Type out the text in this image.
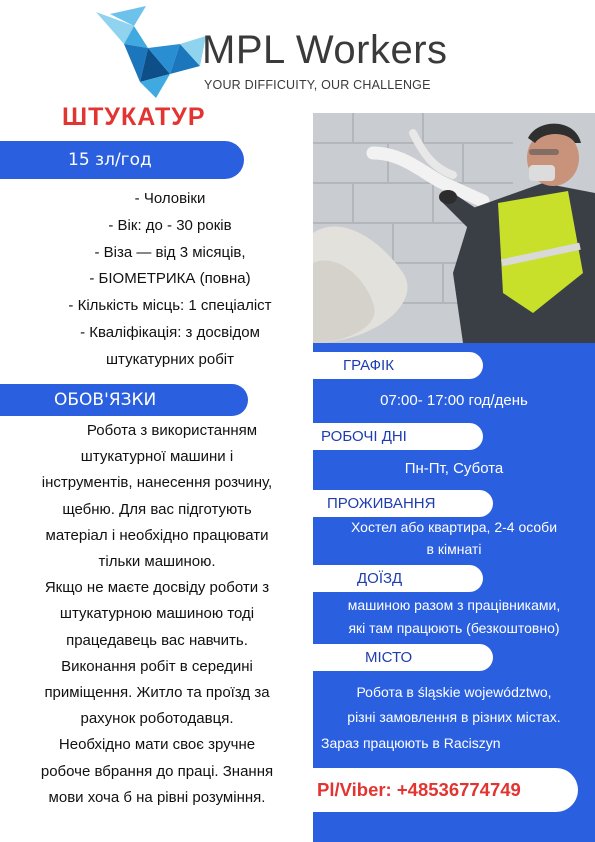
MPL Workers
YOUR DIFFICUITY, OUR CHALLENGE
ШТУКАТУР
15 зл/год
- Чоловіки
- Вік: до - 30 років
- Віза — від 3 місяців,
- БІОМЕТРИКА (повна)
- Кількість місць: 1 спеціаліст
- Кваліфікація: з досвідом
штукатурних робіт
ОБОВ'ЯЗКИ

Робота з використанням

штукатурної машини і

інструментів, нанесення розчину,

щебню. Для вас підготують

матеріал і необхідно працювати

тільки машиною.

Якщо не маєте досвіду роботи з

штукатурною машиною тоді

працедавець вас навчить.

Виконання робіт в середині

приміщення. Житло та проїзд за

рахунок роботодавця.

Необхідно мати своє зручне

робоче вбрання до праці. Знання

мови хоча б на рівні розуміння.

ГРАФІК
07:00- 17:00 год/день
РОБОЧІ ДНІ
Пн-Пт, Субота
ПРОЖИВАННЯ
Хостел або квартира, 2-4 особи
в кімнаті
ДОЇЗД
машиною разом з працівниками,
які там працюють (безкоштовно)
МІСТО
Робота в śląskie województwo,
різні замовлення в різних містах.
Зараз працюють в Raciszyn
Pl/Viber: +48536774749
